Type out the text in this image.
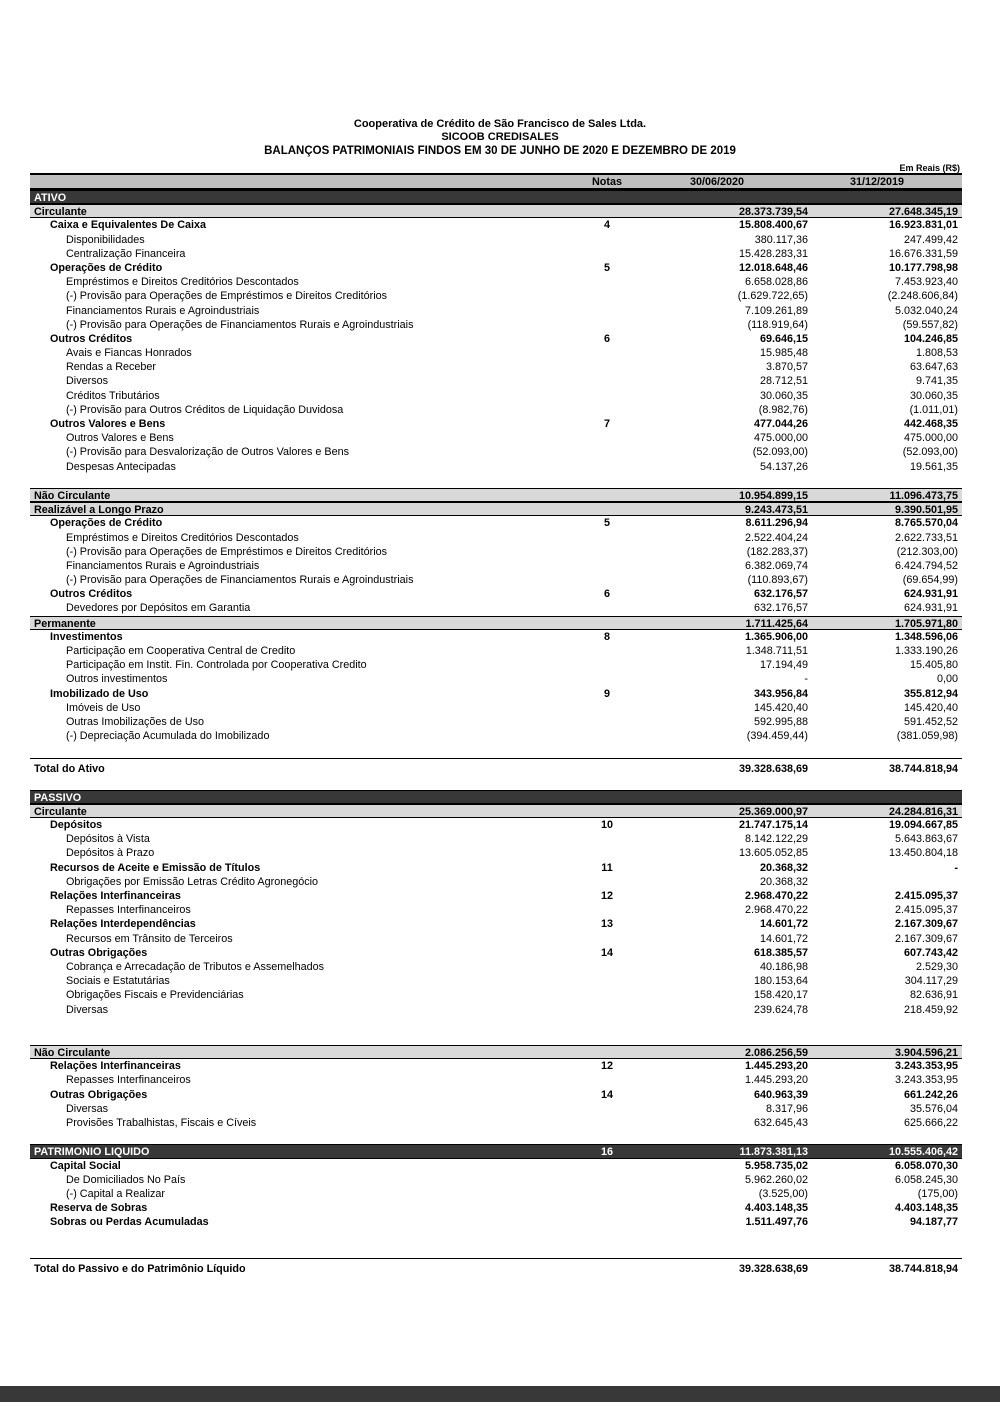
Cooperativa de Crédito de São Francisco de Sales Ltda.
SICOOB CREDISALES
BALANÇOS PATRIMONIAIS FINDOS EM 30 DE JUNHO DE 2020 E DEZEMBRO DE 2019
Em Reais (R$)
Notas	30/06/2020	31/12/2019
ATIVO
Circulante	28.373.739,54	27.648.345,19
Caixa e Equivalentes De Caixa	4	15.808.400,67	16.923.831,01
Disponibilidades	380.117,36	247.499,42
Centralização Financeira	15.428.283,31	16.676.331,59
Operações de Crédito	5	12.018.648,46	10.177.798,98
Empréstimos e Direitos Creditórios Descontados	6.658.028,86	7.453.923,40
(-) Provisão para Operações de Empréstimos e Direitos Creditórios	(1.629.722,65)	(2.248.606,84)
Financiamentos Rurais e Agroindustriais	7.109.261,89	5.032.040,24
(-) Provisão para Operações de Financiamentos Rurais e Agroindustriais	(118.919,64)	(59.557,82)
Outros Créditos	6	69.646,15	104.246,85
Avais e Fiancas Honrados	15.985,48	1.808,53
Rendas a Receber	3.870,57	63.647,63
Diversos	28.712,51	9.741,35
Créditos Tributários	30.060,35	30.060,35
(-) Provisão para Outros Créditos de Liquidação Duvidosa	(8.982,76)	(1.011,01)
Outros Valores e Bens	7	477.044,26	442.468,35
Outros Valores e Bens	475.000,00	475.000,00
(-) Provisão para Desvalorização de Outros Valores e Bens	(52.093,00)	(52.093,00)
Despesas Antecipadas	54.137,26	19.561,35
Não Circulante	10.954.899,15	11.096.473,75
Realizável a Longo Prazo	9.243.473,51	9.390.501,95
Operações de Crédito	5	8.611.296,94	8.765.570,04
Empréstimos e Direitos Creditórios Descontados	2.522.404,24	2.622.733,51
(-) Provisão para Operações de Empréstimos e Direitos Creditórios	(182.283,37)	(212.303,00)
Financiamentos Rurais e Agroindustriais	6.382.069,74	6.424.794,52
(-) Provisão para Operações de Financiamentos Rurais e Agroindustriais	(110.893,67)	(69.654,99)
Outros Créditos	6	632.176,57	624.931,91
Devedores por Depósitos em Garantia	632.176,57	624.931,91
Permanente	1.711.425,64	1.705.971,80
Investimentos	8	1.365.906,00	1.348.596,06
Participação em Cooperativa Central de Credito	1.348.711,51	1.333.190,26
Participação em Instit. Fin. Controlada por Cooperativa Credito	17.194,49	15.405,80
Outros investimentos	-	0,00
Imobilizado de Uso	9	343.956,84	355.812,94
Imóveis de Uso	145.420,40	145.420,40
Outras Imobilizações de Uso	592.995,88	591.452,52
(-) Depreciação Acumulada do Imobilizado	(394.459,44)	(381.059,98)
Total do Ativo	39.328.638,69	38.744.818,94
PASSIVO
Circulante	25.369.000,97	24.284.816,31
Depósitos	10	21.747.175,14	19.094.667,85
Depósitos à Vista	8.142.122,29	5.643.863,67
Depósitos à Prazo	13.605.052,85	13.450.804,18
Recursos de Aceite e Emissão de Títulos	11	20.368,32	-
Obrigações por Emissão Letras Crédito Agronegócio	20.368,32
Relações Interfinanceiras	12	2.968.470,22	2.415.095,37
Repasses Interfinanceiros	2.968.470,22	2.415.095,37
Relações Interdependências	13	14.601,72	2.167.309,67
Recursos em Trânsito de Terceiros	14.601,72	2.167.309,67
Outras Obrigações	14	618.385,57	607.743,42
Cobrança e Arrecadação de Tributos e Assemelhados	40.186,98	2.529,30
Sociais e Estatutárias	180.153,64	304.117,29
Obrigações Fiscais e Previdenciárias	158.420,17	82.636,91
Diversas	239.624,78	218.459,92
Não Circulante	2.086.256,59	3.904.596,21
Relações Interfinanceiras	12	1.445.293,20	3.243.353,95
Repasses Interfinanceiros	1.445.293,20	3.243.353,95
Outras Obrigações	14	640.963,39	661.242,26
Diversas	8.317,96	35.576,04
Provisões Trabalhistas, Fiscais e Cíveis	632.645,43	625.666,22
PATRIMONIO LIQUIDO	16	11.873.381,13	10.555.406,42
Capital Social	5.958.735,02	6.058.070,30
De Domiciliados No País	5.962.260,02	6.058.245,30
(-) Capital a Realizar	(3.525,00)	(175,00)
Reserva de Sobras	4.403.148,35	4.403.148,35
Sobras ou Perdas Acumuladas	1.511.497,76	94.187,77
Total do Passivo e do Patrimônio Líquido	39.328.638,69	38.744.818,94
